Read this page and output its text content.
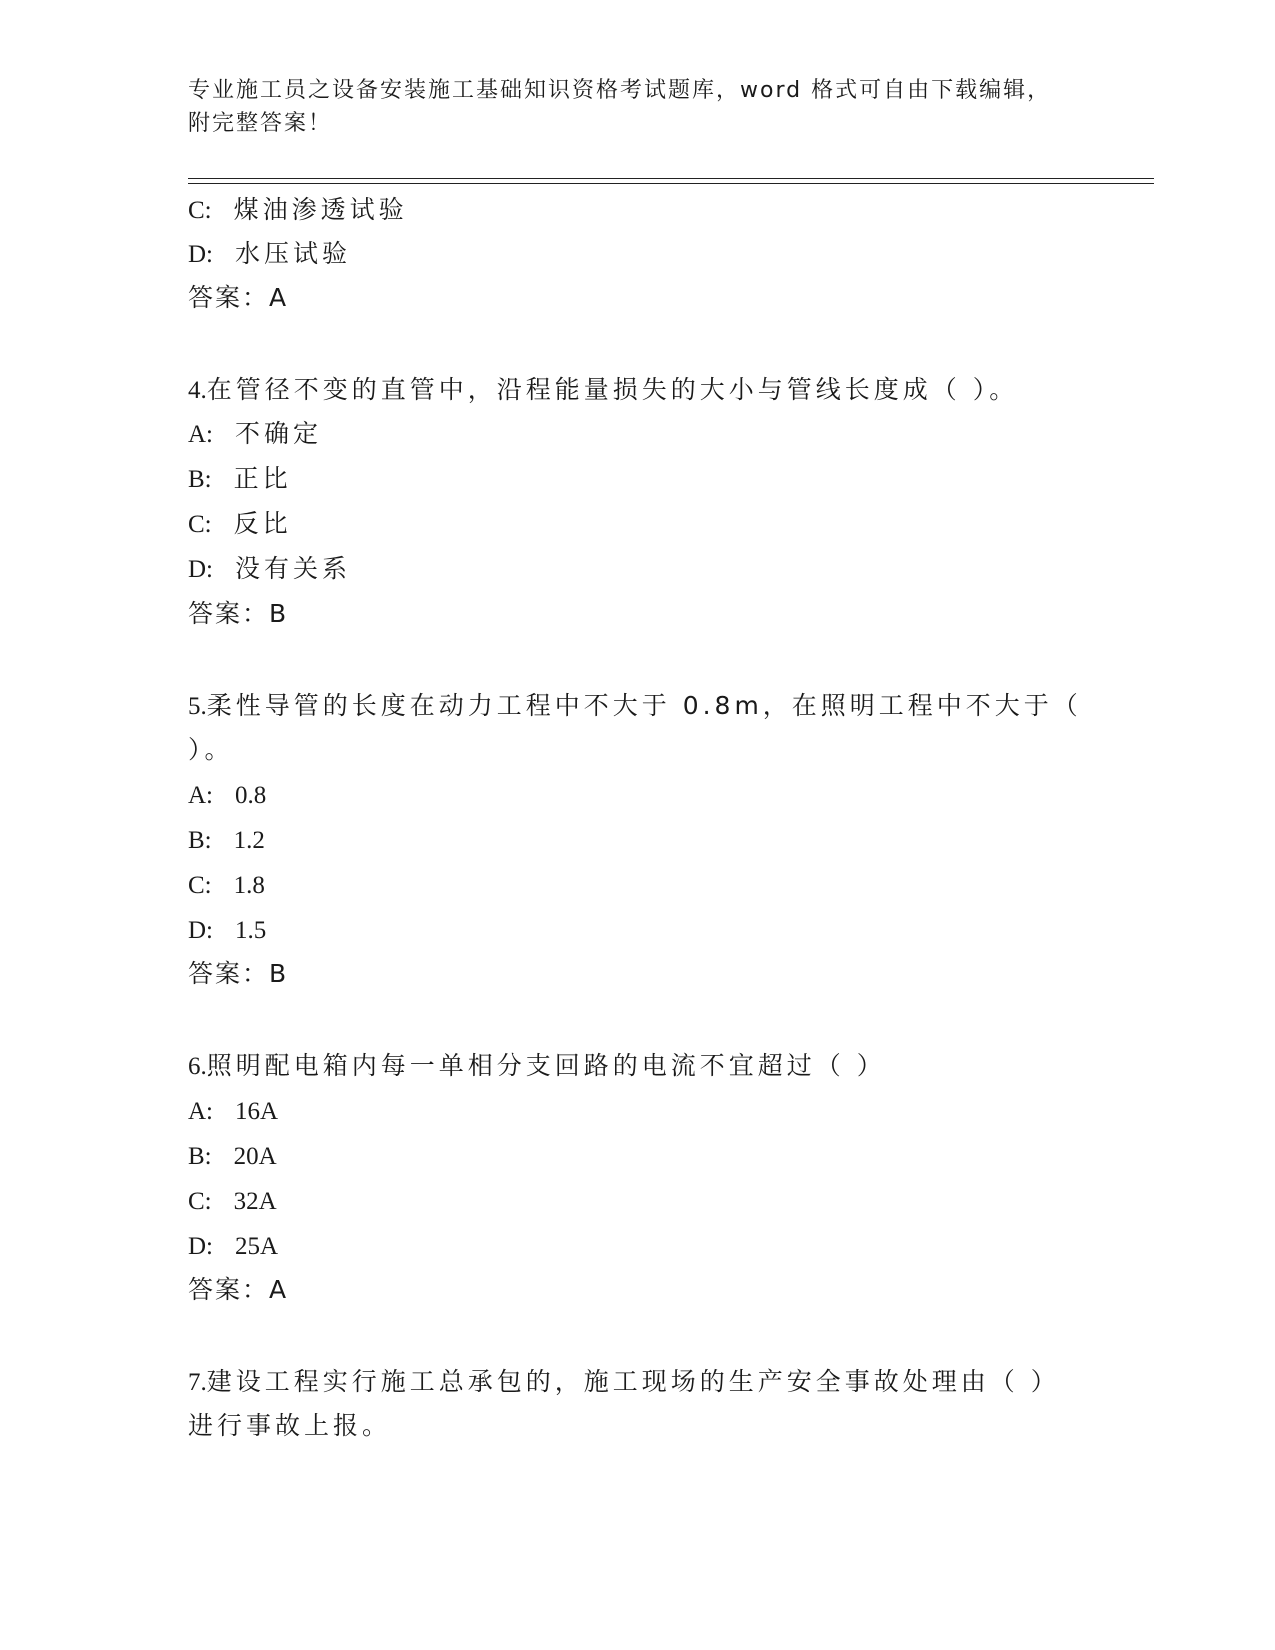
专业施工员之设备安装施工基础知识资格考试题库，word 格式可自由下载编辑，
附完整答案！
C: 煤油渗透试验
D: 水压试验
答案：A
4.在管径不变的直管中，沿程能量损失的大小与管线长度成（ ）。
A: 不确定
B: 正比
C: 反比
D: 没有关系
答案：B
5.柔性导管的长度在动力工程中不大于 0.8m，在照明工程中不大于（
）。
A: 0.8
B: 1.2
C: 1.8
D: 1.5
答案：B
6.照明配电箱内每一单相分支回路的电流不宜超过（ ）
A: 16A
B: 20A
C: 32A
D: 25A
答案：A
7.建设工程实行施工总承包的，施工现场的生产安全事故处理由（ ）
进行事故上报。
